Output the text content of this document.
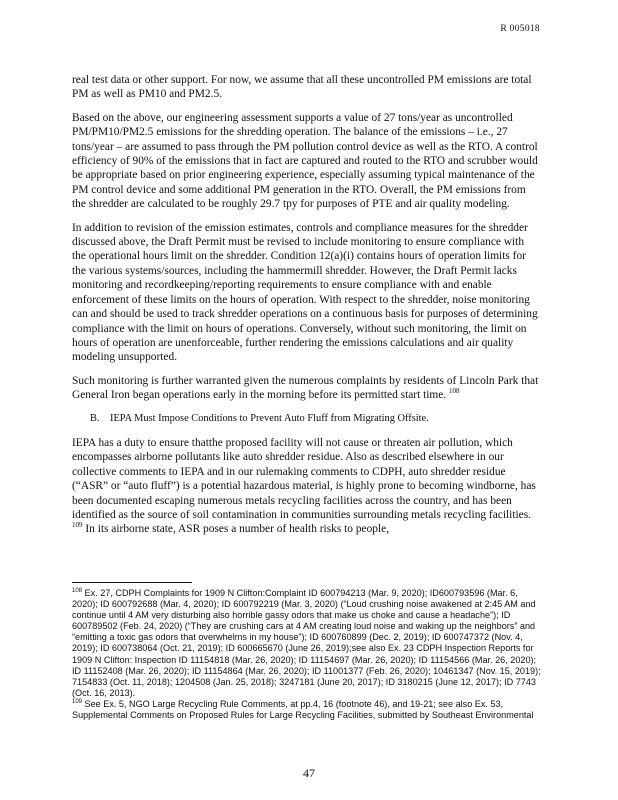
R 005018

real test data or other support. For now, we assume that all these uncontrolled PM emissions are total PM as well as PM10 and PM2.5.

Based on the above, our engineering assessment supports a value of 27 tons/year as uncontrolled PM/PM10/PM2.5 emissions for the shredding operation. The balance of the emissions – i.e., 27 tons/year – are assumed to pass through the PM pollution control device as well as the RTO. A control efficiency of 90% of the emissions that in fact are captured and routed to the RTO and scrubber would be appropriate based on prior engineering experience, especially assuming typical maintenance of the PM control device and some additional PM generation in the RTO. Overall, the PM emissions from the shredder are calculated to be roughly 29.7 tpy for purposes of PTE and air quality modeling.

In addition to revision of the emission estimates, controls and compliance measures for the shredder discussed above, the Draft Permit must be revised to include monitoring to ensure compliance with the operational hours limit on the shredder. Condition 12(a)(i) contains hours of operation limits for the various systems/sources, including the hammermill shredder. However, the Draft Permit lacks monitoring and recordkeeping/reporting requirements to ensure compliance with and enable enforcement of these limits on the hours of operation. With respect to the shredder, noise monitoring can and should be used to track shredder operations on a continuous basis for purposes of determining compliance with the limit on hours of operations. Conversely, without such monitoring, the limit on hours of operation are unenforceable, further rendering the emissions calculations and air quality modeling unsupported.

Such monitoring is further warranted given the numerous complaints by residents of Lincoln Park that General Iron began operations early in the morning before its permitted start time. $^{108}$

B. IEPA Must Impose Conditions to Prevent Auto Fluff from Migrating Offsite.

IEPA has a duty to ensure thatthe proposed facility will not cause or threaten air pollution, which encompasses airborne pollutants like auto shredder residue. Also as described elsewhere in our collective comments to IEPA and in our rulemaking comments to CDPH, auto shredder residue (“ASR” or “auto fluff”) is a potential hazardous material, is highly prone to becoming windborne, has been documented escaping numerous metals recycling facilities across the country, and has been identified as the source of soil contamination in communities surrounding metals recycling facilities. $^{109}$ In its airborne state, ASR poses a number of health risks to people,

$^{108}$ Ex. 27, CDPH Complaints for 1909 N Clifton:Complaint ID 600794213 (Mar. 9, 2020); ID600793596 (Mar. 6, 2020); ID 600792688 (Mar. 4, 2020); ID 600792219 (Mar. 3, 2020) (“Loud crushing noise awakened at 2:45 AM and continue until 4 AM very disturbing also horrible gassy odors that make us choke and cause a headache”); ID 600789502 (Feb. 24, 2020) (“They are crushing cars at 4 AM creating loud noise and waking up the neighbors” and “emitting a toxic gas odors that overwhelms in my house”); ID 600760899 (Dec. 2, 2019); ID 600747372 (Nov. 4, 2019); ID 600738064 (Oct. 21, 2019); ID 600665670 (June 26, 2019);see also Ex. 23 CDPH Inspection Reports for 1909 N Clifton: Inspection ID 11154818 (Mar. 26, 2020); ID 11154697 (Mar. 26, 2020); ID 11154566 (Mar. 26, 2020); ID 11152408 (Mar. 26, 2020); ID 11154864 (Mar. 26, 2020); ID 11001377 (Feb. 26, 2020); 10461347 (Nov. 15, 2019); 7154833 (Oct. 11, 2018); 1204508 (Jan. 25, 2018); 3247181 (June 20, 2017); ID 3180215 (June 12, 2017); ID 7743 (Oct. 16, 2013).

$^{109}$ See Ex. 5, NGO Large Recycling Rule Comments, at pp.4, 16 (footnote 46), and 19-21; see also Ex. 53, Supplemental Comments on Proposed Rules for Large Recycling Facilities, submitted by Southeast Environmental

47
